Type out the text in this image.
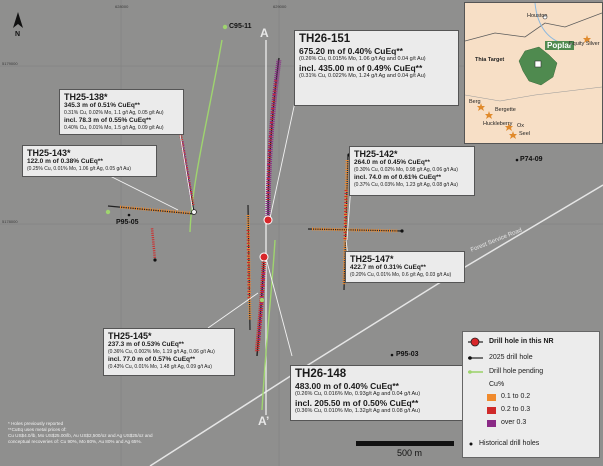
628000	629000
5179000
5178000
N	A
A’
C95-11
P74-09
P95-05
P95-03
Forest Service Road
TH26-151
675.20 m of 0.40% CuEq**
(0.26% Cu, 0.015% Mo, 1.06 g/t Ag and 0.04 g/t Au)
incl. 435.00 m of 0.49% CuEq**
(0.31% Cu, 0.022% Mo, 1.24 g/t Ag and 0.04 g/t Au)
TH25-138*
345.3 m of 0.51% CuEq**
0.31% Cu, 0.02% Mo, 1.1 g/t Ag, 0.05 g/t Au)
incl. 78.3 m of 0.55% CuEq**
0.40% Cu, 0.01% Mo, 1.5 g/t Ag, 0.09 g/t Au)
TH25-143*
122.0 m of 0.38% CuEq**
(0.25% Cu, 0.01% Mo, 1.06 g/t Ag, 0.05 g/t Au)
TH25-142*
264.0 m of 0.45% CuEq**
(0.30% Cu, 0.02% Mo, 0.98 g/t Ag, 0.06 g/t Au)
incl. 74.0 m of 0.61% CuEq**
(0.37% Cu, 0.03% Mo, 1.23 g/t Ag, 0.08 g/t Au)
TH25-147*
422.7 m of 0.31% CuEq**
(0.20% Cu, 0.01% Mo, 0.6 g/t Ag, 0.03 g/t Au)
TH25-145*
237.3 m of 0.53% CuEq**
(0.36% Cu, 0.002% Mo, 1.19 g/t Ag, 0.06 g/t Au)
incl. 77.0 m of 0.57% CuEq**
(0.43% Cu, 0.01% Mo, 1.48 g/t Ag, 0.09 g/t Au)
TH26-148
483.00 m of 0.40% CuEq**
(0.26% Cu, 0.016% Mo, 0.93g/t Ag and 0.04 g/t Au)
incl. 205.50 m of 0.50% CuEq**
(0.36% Cu, 0.010% Mo, 1.32g/t Ag and 0.08 g/t Au)
Houston
Poplar
Thia Target
Equity Silver
Berg
Bergette
Huckleberry Ox
Seel
Drill hole in this NR
2025 drill hole
Drill hole pending
Cu%
0.1 to 0.2
0.2 to 0.3
over 0.3
Historical drill holes
* Holes previously reported
**CuEq uses metal prices of:
Cu US$4.0/lb, Mo US$25.00/lb, Au US$2,500/oz and Ag US$25/oz and
conceptual recoveries of: Cu 90%, Mo 80%, Au 80% and Ag 65%.
500 m
